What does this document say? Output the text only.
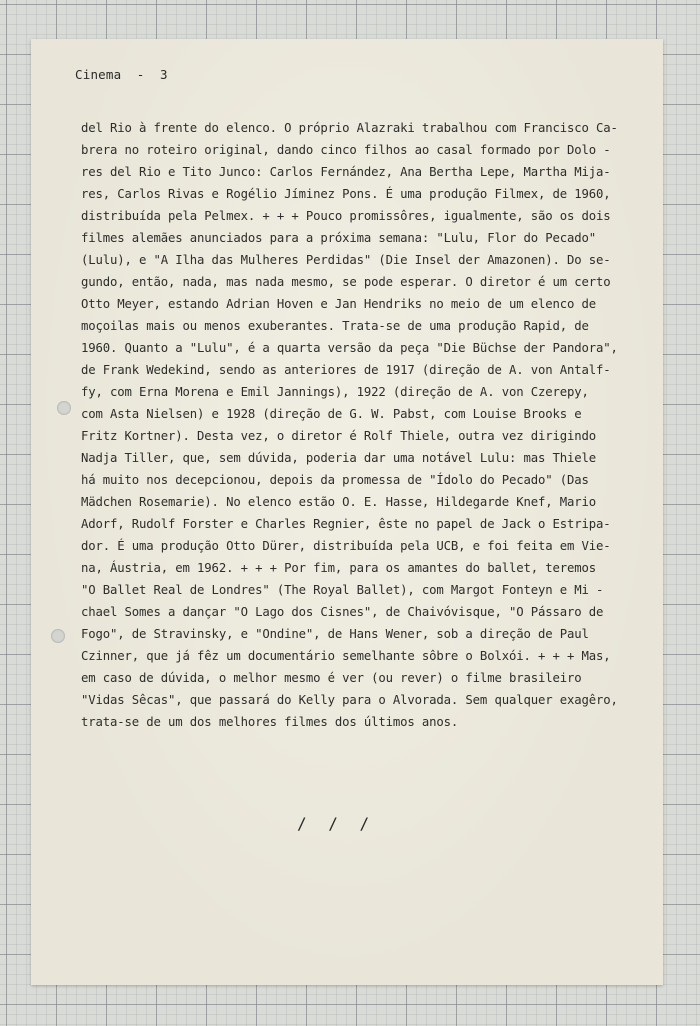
Cinema  -  3
del Rio à frente do elenco. O próprio Alazraki trabalhou com Francisco Ca-
brera no roteiro original, dando cinco filhos ao casal formado por Dolo -
res del Rio e Tito Junco: Carlos Fernández, Ana Bertha Lepe, Martha Mija-
res, Carlos Rivas e Rogélio Jíminez Pons. É uma produção Filmex, de 1960,
distribuída pela Pelmex. + + + Pouco promissôres, igualmente, são os dois
filmes alemães anunciados para a próxima semana: "Lulu, Flor do Pecado"
(Lulu), e "A Ilha das Mulheres Perdidas" (Die Insel der Amazonen). Do se-
gundo, então, nada, mas nada mesmo, se pode esperar. O diretor é um certo
Otto Meyer, estando Adrian Hoven e Jan Hendriks no meio de um elenco de
moçoilas mais ou menos exuberantes. Trata-se de uma produção Rapid, de
1960. Quanto a "Lulu", é a quarta versão da peça "Die Büchse der Pandora",
de Frank Wedekind, sendo as anteriores de 1917 (direção de A. von Antalf-
fy, com Erna Morena e Emil Jannings), 1922 (direção de A. von Czerepy,
com Asta Nielsen) e 1928 (direção de G. W. Pabst, com Louise Brooks e
Fritz Kortner). Desta vez, o diretor é Rolf Thiele, outra vez dirigindo
Nadja Tiller, que, sem dúvida, poderia dar uma notável Lulu: mas Thiele
há muito nos decepcionou, depois da promessa de "Ídolo do Pecado" (Das
Mädchen Rosemarie). No elenco estão O. E. Hasse, Hildegarde Knef, Mario
Adorf, Rudolf Forster e Charles Regnier, êste no papel de Jack o Estripa-
dor. É uma produção Otto Dürer, distribuída pela UCB, e foi feita em Vie-
na, Áustria, em 1962. + + + Por fim, para os amantes do ballet, teremos
"O Ballet Real de Londres" (The Royal Ballet), com Margot Fonteyn e Mi -
chael Somes a dançar "O Lago dos Cisnes", de Chaivóvisque, "O Pássaro de
Fogo", de Stravinsky, e "Ondine", de Hans Wener, sob a direção de Paul
Czinner, que já fêz um documentário semelhante sôbre o Bolxói. + + + Mas,
em caso de dúvida, o melhor mesmo é ver (ou rever) o filme brasileiro
"Vidas Sêcas", que passará do Kelly para o Alvorada. Sem qualquer exagêro,
trata-se de um dos melhores filmes dos últimos anos.
/ / /
